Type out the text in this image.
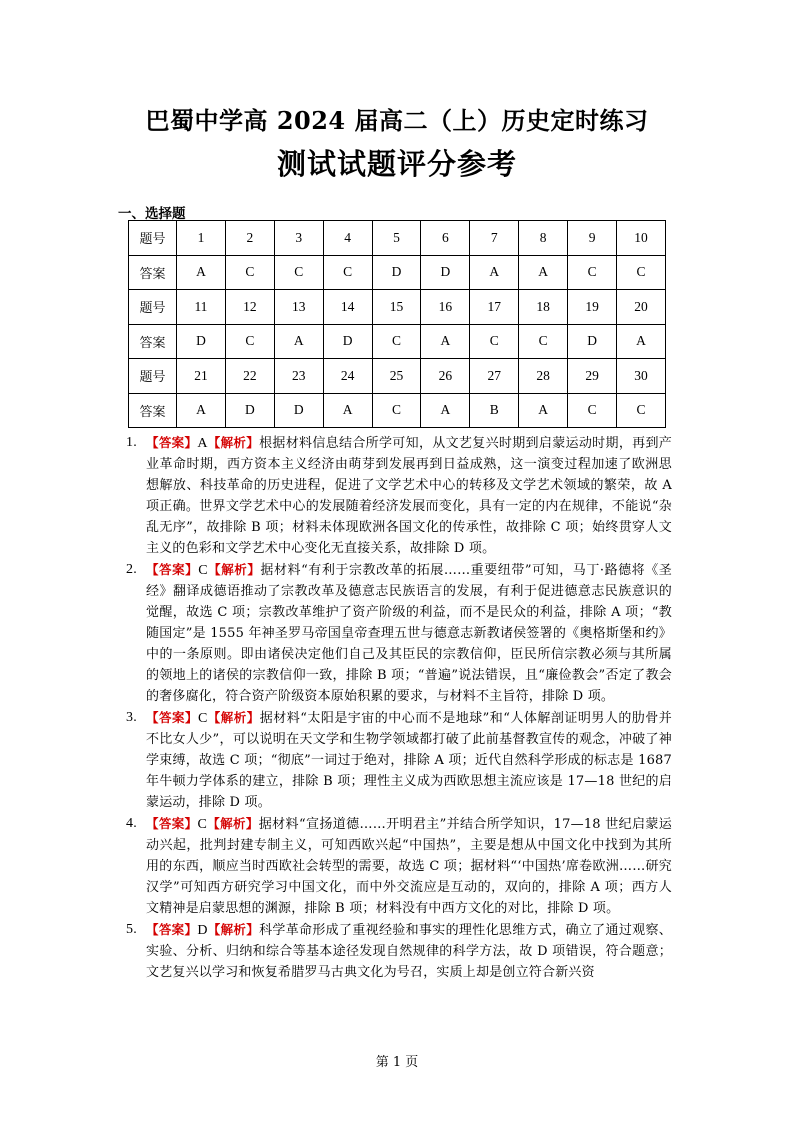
巴蜀中学高 2024 届高二（上）历史定时练习
测试试题评分参考
一、选择题
题号	1	2	3	4	5	6	7	8	9	10
答案	A	C	C	C	D	D	A	A	C	C
题号	11	12	13	14	15	16	17	18	19	20
答案	D	C	A	D	C	A	C	C	D	A
题号	21	22	23	24	25	26	27	28	29	30
答案	A	D	D	A	C	A	B	A	C	C
1. 【答案】A【解析】根据材料信息结合所学可知，从文艺复兴时期到启蒙运动时期，再到产业革命时期，西方资本主义经济由萌芽到发展再到日益成熟，这一演变过程加速了欧洲思想解放、科技革命的历史进程，促进了文学艺术中心的转移及文学艺术领域的繁荣，故 A 项正确。世界文学艺术中心的发展随着经济发展而变化，具有一定的内在规律，不能说“杂乱无序”，故排除 B 项；材料未体现欧洲各国文化的传承性，故排除 C 项；始终贯穿人文主义的色彩和文学艺术中心变化无直接关系，故排除 D 项。
2. 【答案】C【解析】据材料“有利于宗教改革的拓展……重要纽带”可知，马丁·路德将《圣经》翻译成德语推动了宗教改革及德意志民族语言的发展，有利于促进德意志民族意识的觉醒，故选 C 项；宗教改革维护了资产阶级的利益，而不是民众的利益，排除 A 项；“教随国定”是 1555 年神圣罗马帝国皇帝查理五世与德意志新教诸侯签署的《奥格斯堡和约》中的一条原则。即由诸侯决定他们自己及其臣民的宗教信仰，臣民所信宗教必须与其所属的领地上的诸侯的宗教信仰一致，排除 B 项；“普遍”说法错误，且“廉俭教会”否定了教会的奢侈腐化，符合资产阶级资本原始积累的要求，与材料不主旨符，排除 D 项。
3. 【答案】C【解析】据材料“太阳是宇宙的中心而不是地球”和“人体解剖证明男人的肋骨并不比女人少”，可以说明在天文学和生物学领域都打破了此前基督教宣传的观念，冲破了神学束缚，故选 C 项；“彻底”一词过于绝对，排除 A 项；近代自然科学形成的标志是 1687 年牛顿力学体系的建立，排除 B 项；理性主义成为西欧思想主流应该是 17—18 世纪的启蒙运动，排除 D 项。
4. 【答案】C【解析】据材料“宣扬道德……开明君主”并结合所学知识，17—18 世纪启蒙运动兴起，批判封建专制主义，可知西欧兴起“中国热”，主要是想从中国文化中找到为其所用的东西，顺应当时西欧社会转型的需要，故选 C 项；据材料“‘中国热’席卷欧洲……研究汉学”可知西方研究学习中国文化，而中外交流应是互动的，双向的，排除 A 项；西方人文精神是启蒙思想的渊源，排除 B 项；材料没有中西方文化的对比，排除 D 项。
5. 【答案】D【解析】科学革命形成了重视经验和事实的理性化思维方式，确立了通过观察、实验、分析、归纳和综合等基本途径发现自然规律的科学方法，故 D 项错误，符合题意；文艺复兴以学习和恢复希腊罗马古典文化为号召，实质上却是创立符合新兴资
第 1 页
